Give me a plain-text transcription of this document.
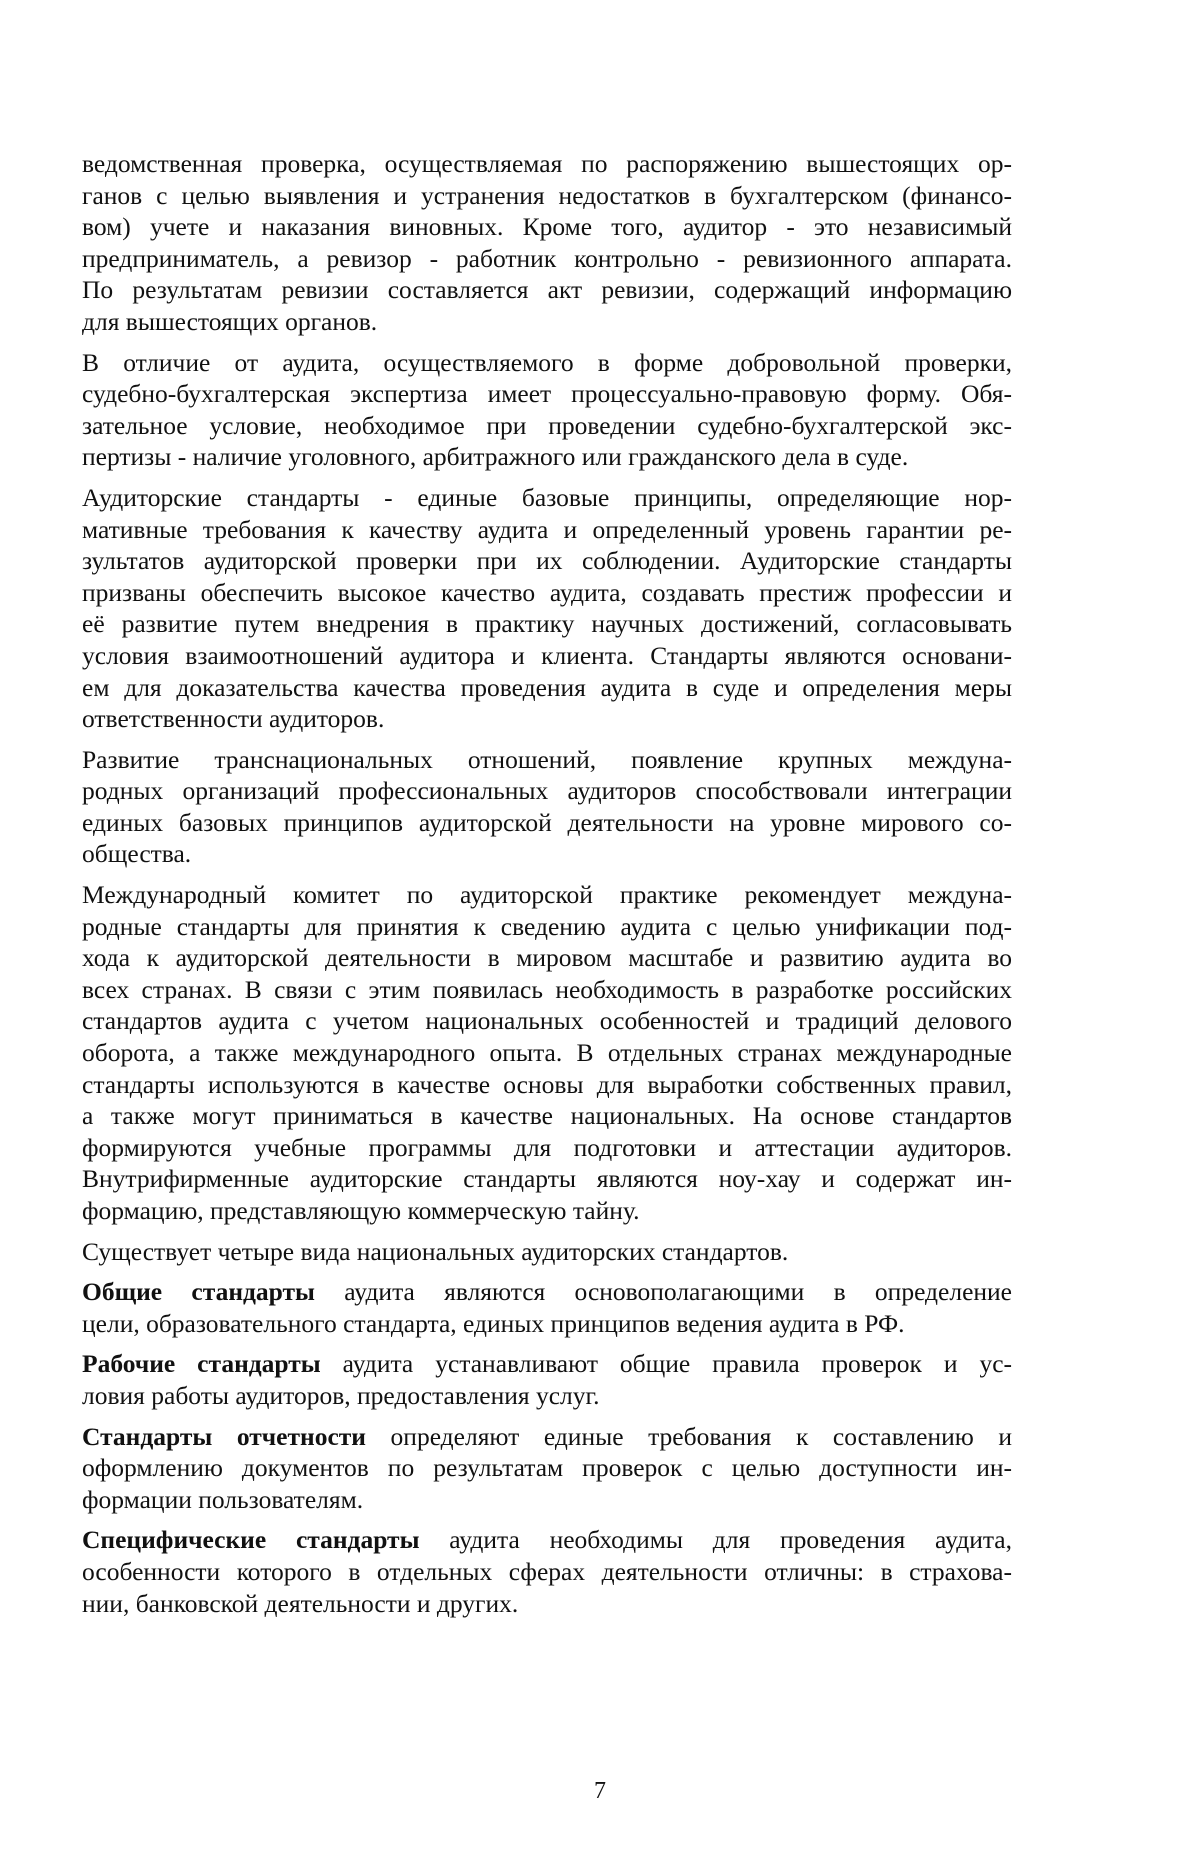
ведомственная проверка, осуществляемая по распоряжению вышестоящих ор-
ганов с целью выявления и устранения недостатков в бухгалтерском (финансо-
вом) учете и наказания виновных. Кроме того, аудитор - это независимый
предприниматель, а ревизор - работник контрольно - ревизионного аппарата.
По результатам ревизии составляется акт ревизии, содержащий информацию
для вышестоящих органов.
В отличие от аудита, осуществляемого в форме добровольной проверки,
судебно-бухгалтерская экспертиза имеет процессуально-правовую форму. Обя-
зательное условие, необходимое при проведении судебно-бухгалтерской экс-
пертизы - наличие уголовного, арбитражного или гражданского дела в суде.
Аудиторские стандарты - единые базовые принципы, определяющие нор-
мативные требования к качеству аудита и определенный уровень гарантии ре-
зультатов аудиторской проверки при их соблюдении. Аудиторские стандарты
призваны обеспечить высокое качество аудита, создавать престиж профессии и
её развитие путем внедрения в практику научных достижений, согласовывать
условия взаимоотношений аудитора и клиента. Стандарты являются основани-
ем для доказательства качества проведения аудита в суде и определения меры
ответственности аудиторов.
Развитие транснациональных отношений, появление крупных междуна-
родных организаций профессиональных аудиторов способствовали интеграции
единых базовых принципов аудиторской деятельности на уровне мирового со-
общества.
Международный комитет по аудиторской практике рекомендует междуна-
родные стандарты для принятия к сведению аудита с целью унификации под-
хода к аудиторской деятельности в мировом масштабе и развитию аудита во
всех странах. В связи с этим появилась необходимость в разработке российских
стандартов аудита с учетом национальных особенностей и традиций делового
оборота, а также международного опыта. В отдельных странах международные
стандарты используются в качестве основы для выработки собственных правил,
а также могут приниматься в качестве национальных. На основе стандартов
формируются учебные программы для подготовки и аттестации аудиторов.
Внутрифирменные аудиторские стандарты являются ноу-хау и содержат ин-
формацию, представляющую коммерческую тайну.
Существует четыре вида национальных аудиторских стандартов.
Общие стандарты аудита являются основополагающими в определение
цели, образовательного стандарта, единых принципов ведения аудита в РФ.
Рабочие стандарты аудита устанавливают общие правила проверок и ус-
ловия работы аудиторов, предоставления услуг.
Стандарты отчетности определяют единые требования к составлению и
оформлению документов по результатам проверок с целью доступности ин-
формации пользователям.
Специфические стандарты аудита необходимы для проведения аудита,
особенности которого в отдельных сферах деятельности отличны: в страхова-
нии, банковской деятельности и других.
7
